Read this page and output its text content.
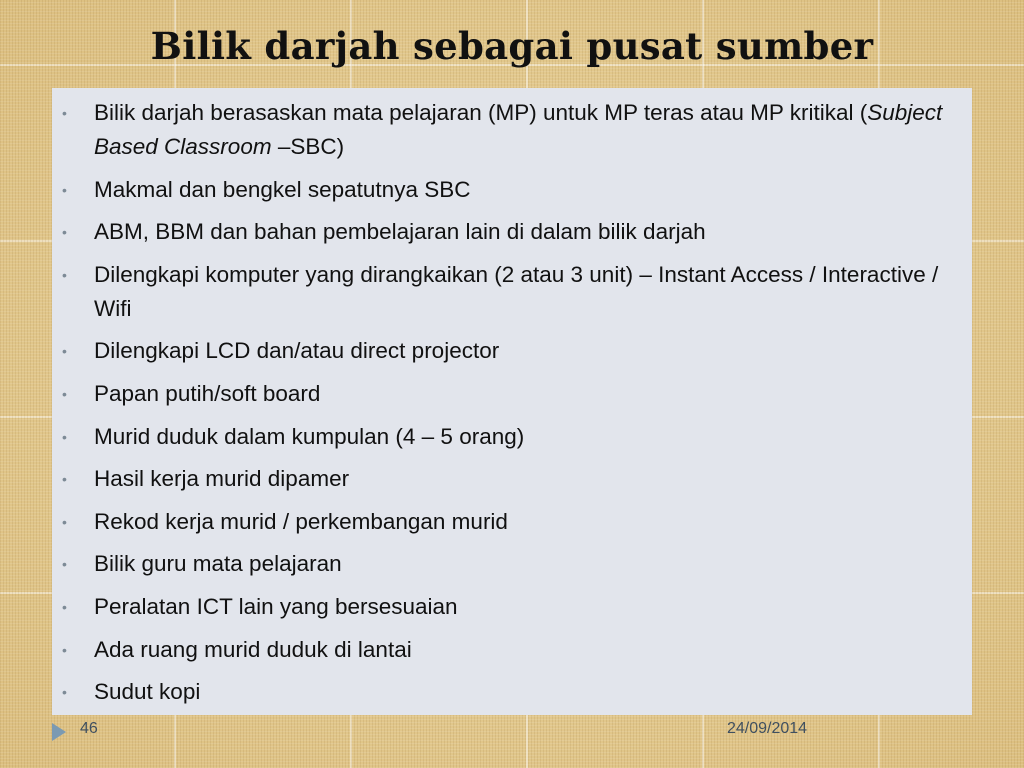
Bilik darjah sebagai pusat sumber
• Bilik darjah berasaskan mata pelajaran (MP) untuk MP teras atau MP kritikal (Subject Based Classroom –SBC)
• Makmal dan bengkel sepatutnya SBC
• ABM, BBM dan bahan pembelajaran lain di dalam bilik darjah
• Dilengkapi komputer yang dirangkaikan (2 atau 3 unit) – Instant Access / Interactive / Wifi
• Dilengkapi LCD dan/atau direct projector
• Papan putih/soft board
• Murid duduk dalam kumpulan (4 – 5 orang)
• Hasil kerja murid dipamer
• Rekod kerja murid / perkembangan murid
• Bilik guru mata pelajaran
• Peralatan ICT lain yang bersesuaian
• Ada ruang murid duduk di lantai
• Sudut kopi
46	24/09/2014
